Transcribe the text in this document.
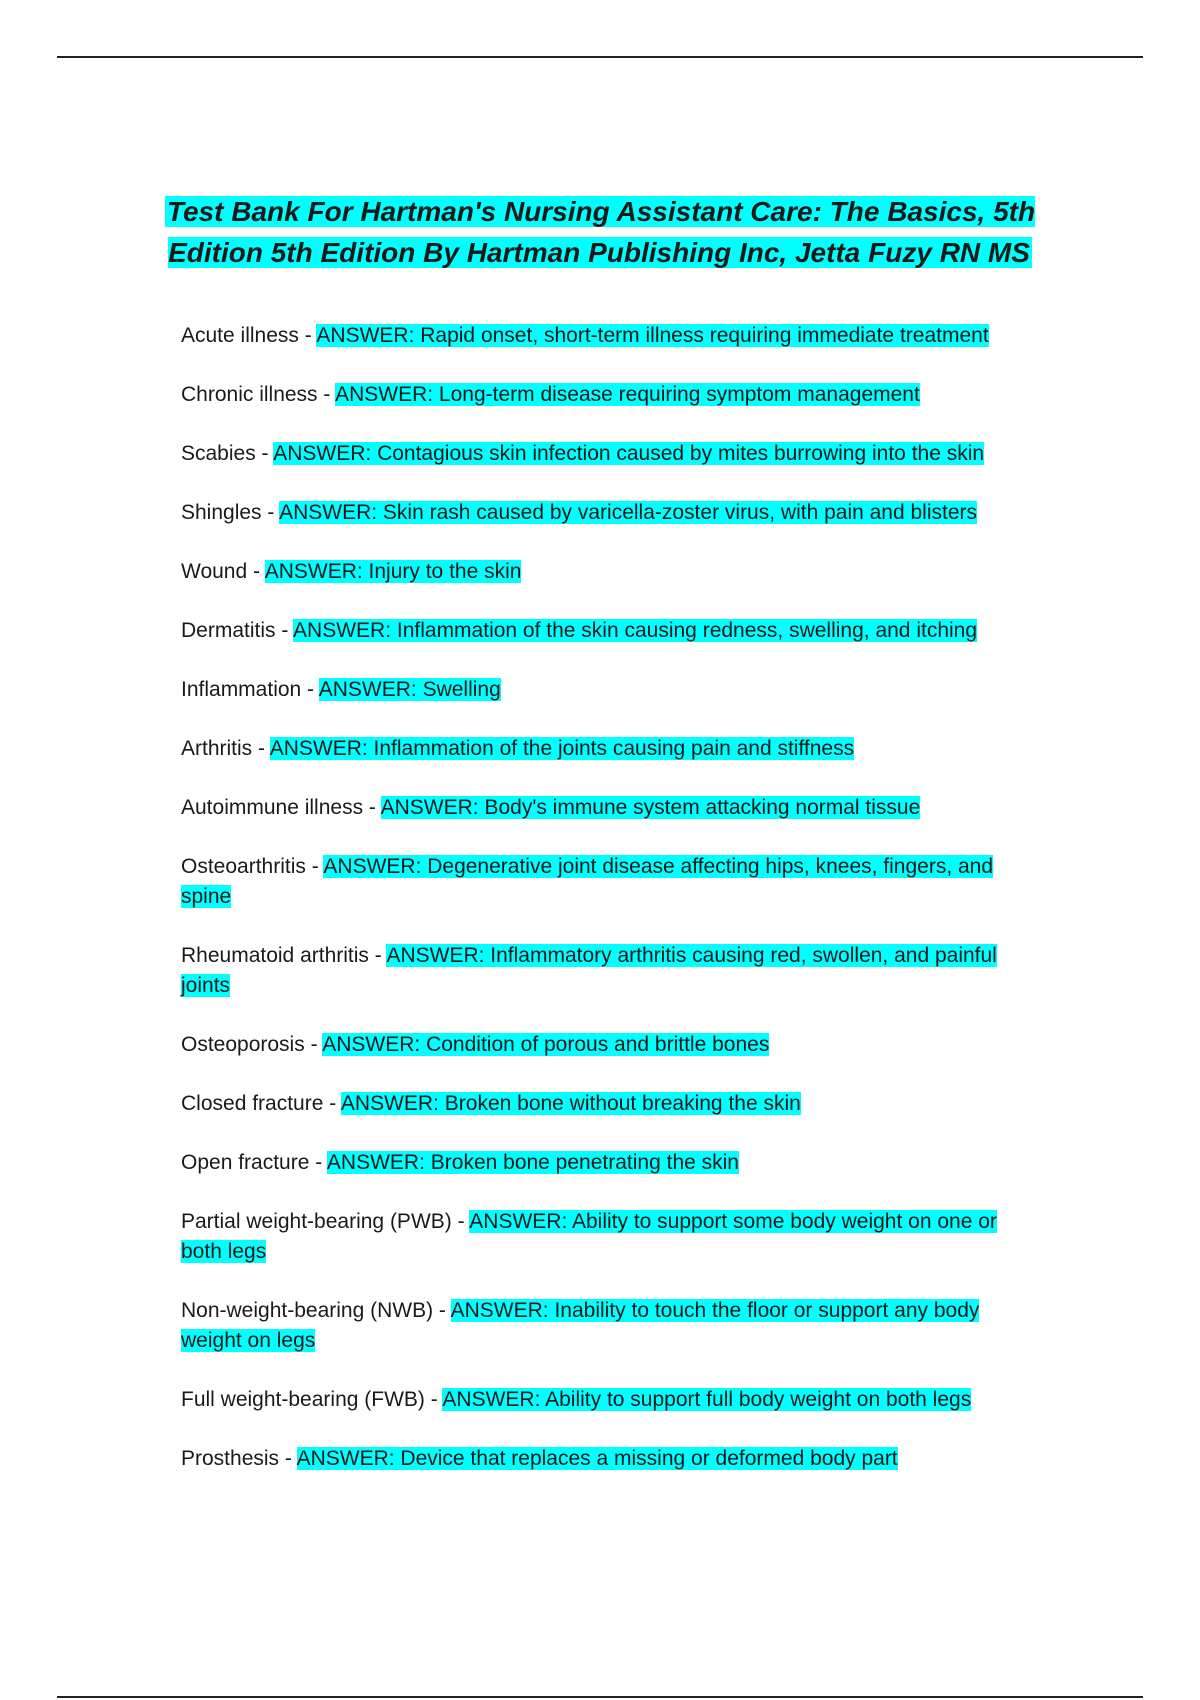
Test Bank For Hartman's Nursing Assistant Care: The Basics, 5th Edition 5th Edition By Hartman Publishing Inc, Jetta Fuzy RN MS

Acute illness - ANSWER: Rapid onset, short-term illness requiring immediate treatment

Chronic illness - ANSWER: Long-term disease requiring symptom management

Scabies - ANSWER: Contagious skin infection caused by mites burrowing into the skin

Shingles - ANSWER: Skin rash caused by varicella-zoster virus, with pain and blisters

Wound - ANSWER: Injury to the skin

Dermatitis - ANSWER: Inflammation of the skin causing redness, swelling, and itching

Inflammation - ANSWER: Swelling

Arthritis - ANSWER: Inflammation of the joints causing pain and stiffness

Autoimmune illness - ANSWER: Body's immune system attacking normal tissue

Osteoarthritis - ANSWER: Degenerative joint disease affecting hips, knees, fingers, and spine

Rheumatoid arthritis - ANSWER: Inflammatory arthritis causing red, swollen, and painful joints

Osteoporosis - ANSWER: Condition of porous and brittle bones

Closed fracture - ANSWER: Broken bone without breaking the skin

Open fracture - ANSWER: Broken bone penetrating the skin

Partial weight-bearing (PWB) - ANSWER: Ability to support some body weight on one or both legs

Non-weight-bearing (NWB) - ANSWER: Inability to touch the floor or support any body weight on legs

Full weight-bearing (FWB) - ANSWER: Ability to support full body weight on both legs

Prosthesis - ANSWER: Device that replaces a missing or deformed body part
